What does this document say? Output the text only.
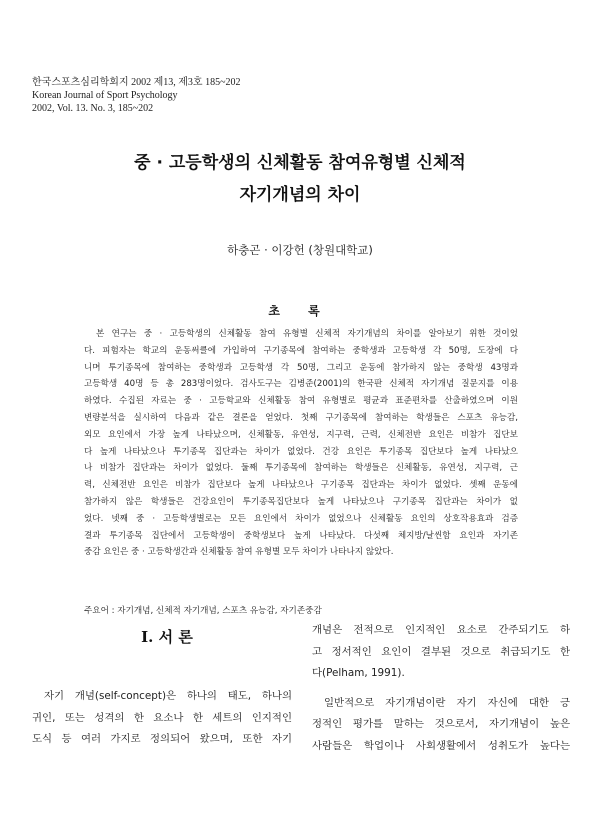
한국스포츠심리학회지 2002 제13, 제3호 185~202
Korean Journal of Sport Psychology
2002, Vol. 13. No. 3, 185~202
중 · 고등학생의 신체활동 참여유형별 신체적
자기개념의 차이
하충곤 · 이강헌 (창원대학교)
초 록
본 연구는 중 · 고등학생의 신체활동 참여 유형별 신체적 자기개념의 차이를 알아보기 위한 것이었
다. 피험자는 학교의 운동써클에 가입하여 구기종목에 참여하는 중학생과 고등학생 각 50명, 도장에 다
니며 투기종목에 참여하는 중학생과 고등학생 각 50명, 그리고 운동에 참가하지 않는 중학생 43명과
고등학생 40명 등 총 283명이었다. 검사도구는 김병준(2001)의 한국판 신체적 자기개념 질문지를 이용
하였다. 수집된 자료는 중 · 고등학교와 신체활동 참여 유형별로 평균과 표준편차를 산출하였으며 이원
변량분석을 실시하여 다음과 같은 결론을 얻었다. 첫째 구기종목에 참여하는 학생들은 스포츠 유능감,
외모 요인에서 가장 높게 나타났으며, 신체활동, 유연성, 지구력, 근력, 신체전반 요인은 비참가 집단보
다 높게 나타났으나 투기종목 집단과는 차이가 없었다. 건강 요인은 투기종목 집단보다 높게 나타났으
나 비참가 집단과는 차이가 없었다. 둘째 투기종목에 참여하는 학생들은 신체활동, 유연성, 지구력, 근
력, 신체전반 요인은 비참가 집단보다 높게 나타났으나 구기종목 집단과는 차이가 없었다. 셋째 운동에
참가하지 않은 학생들은 건강요인이 투기종목집단보다 높게 나타났으나 구기종목 집단과는 차이가 없
었다. 넷째 중 · 고등학생별로는 모든 요인에서 차이가 없었으나 신체활동 요인의 상호작용효과 검증
결과 투기종목 집단에서 고등학생이 중학생보다 높게 나타났다. 다섯째 체지방/날씬함 요인과 자기존
중감 요인은 중 · 고등학생간과 신체활동 참여 유형별 모두 차이가 나타나지 않았다.
주요어 : 자기개념, 신체적 자기개념, 스포츠 유능감, 자기존중감
Ⅰ. 서 론
자기 개념(self-concept)은 하나의 태도, 하나의
귀인, 또는 성격의 한 요소나 한 세트의 인지적인
도식 등 여러 가지로 정의되어 왔으며, 또한 자기
개념은 전적으로 인지적인 요소로 간주되기도 하
고 정서적인 요인이 결부된 것으로 취급되기도 한
다(Pelham, 1991).
일반적으로 자기개념이란 자기 자신에 대한 긍
정적인 평가를 말하는 것으로서, 자기개념이 높은
사람들은 학업이나 사회생활에서 성취도가 높다는
